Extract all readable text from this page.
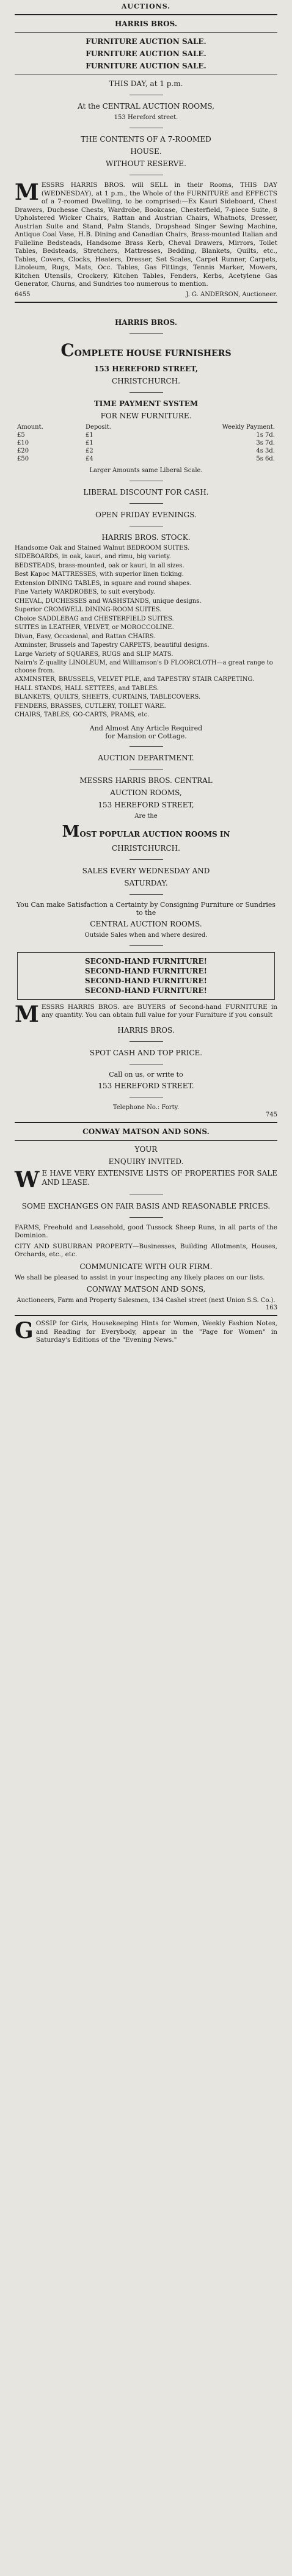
AUCTIONS.
HARRIS BROS.
FURNITURE AUCTION SALE.
FURNITURE AUCTION SALE.
FURNITURE AUCTION SALE.
THIS DAY, at 1 p.m.
At the CENTRAL AUCTION ROOMS,
153 Hereford street.
THE CONTENTS OF A 7-ROOMED
HOUSE.
WITHOUT RESERVE.
M ESSRS HARRIS BROS. will SELL in their Rooms, THIS DAY (WEDNESDAY), at 1 p.m., the Whole of the FURNITURE and EFFECTS of a 7-roomed Dwelling, to be comprised:—Ex Kauri Sideboard, Chest Drawers, Duchesse Chests, Wardrobe, Bookcase, Chesterfield, 7-piece Suite, 8 Upholstered Wicker Chairs, Rattan and Austrian Chairs, Whatnots, Dresser, Austrian Suite and Stand, Palm Stands, Dropshead Singer Sewing Machine, Antique Coal Vase, H.B. Dining and Canadian Chairs, Brass-mounted Italian and Fulleline Bedsteads, Handsome Brass Kerb, Cheval Drawers, Mirrors, Toilet Tables, Bedsteads, Stretchers, Mattresses, Bedding, Blankets, Quilts, etc., Tables, Covers, Clocks, Heaters, Dresser, Set Scales, Carpet Runner, Carpets, Linoleum, Rugs, Mats, Occ. Tables, Gas Fittings, Tennis Marker, Mowers, Kitchen Utensils, Crockery, Kitchen Tables, Fenders, Kerbs, Acetylene Gas Generator, Churns, and Sundries too numerous to mention.
6455	J. G. ANDERSON, Auctioneer.
HARRIS BROS.
COMPLETE HOUSE FURNISHERS
153 HEREFORD STREET,
CHRISTCHURCH.
TIME PAYMENT SYSTEM
FOR NEW FURNITURE.
Amount.	Deposit.	Weekly Payment.
£5	£1	1s 7d.
£10	£1	3s 7d.
£20	£2	4s 3d.
£50	£4	5s 6d.
Larger Amounts same Liberal Scale.
LIBERAL DISCOUNT FOR CASH.
OPEN FRIDAY EVENINGS.
HARRIS BROS. STOCK.

Handsome Oak and Stained Walnut BEDROOM SUITES.

SIDEBOARDS, in oak, kauri, and rimu, big variety.

BEDSTEADS, brass-mounted, oak or kauri, in all sizes.

Best Kapoc MATTRESSES, with superior linen ticking.

Extension DINING TABLES, in square and round shapes.

Fine Variety WARDROBES, to suit everybody.

CHEVAL, DUCHESSES and WASHSTANDS, unique designs.

Superior CROMWELL DINING-ROOM SUITES.

Choice SADDLEBAG and CHESTERFIELD SUITES.

SUITES in LEATHER, VELVET, or MOROCCOLINE.

Divan, Easy, Occasional, and Rattan CHAIRS.

Axminster, Brussels and Tapestry CARPETS, beautiful designs.

Large Variety of SQUARES, RUGS and SLIP MATS.

Nairn's Z-quality LINOLEUM, and Williamson's D FLOORCLOTH—a great range to choose from.

AXMINSTER, BRUSSELS, VELVET PILE, and TAPESTRY STAIR CARPETING.

HALL STANDS, HALL SETTEES, and TABLES.

BLANKETS, QUILTS, SHEETS, CURTAINS, TABLECOVERS.

FENDERS, BRASSES, CUTLERY, TOILET WARE.

CHAIRS, TABLES, GO-CARTS, PRAMS, etc.

And Almost Any Article Required
for Mansion or Cottage.
AUCTION DEPARTMENT.
MESSRS HARRIS BROS. CENTRAL
AUCTION ROOMS,
153 HEREFORD STREET,
Are the
MOST POPULAR AUCTION ROOMS IN
CHRISTCHURCH.
SALES EVERY WEDNESDAY AND
SATURDAY.
You Can make Satisfaction a Certainty by Consigning Furniture or Sundries to the
CENTRAL AUCTION ROOMS.
Outside Sales when and where desired.

SECOND-HAND FURNITURE!

SECOND-HAND FURNITURE!

SECOND-HAND FURNITURE!

SECOND-HAND FURNITURE!

M ESSRS HARRIS BROS. are BUYERS of Second-hand FURNITURE in any quantity. You can obtain full value for your Furniture if you consult
HARRIS BROS.
SPOT CASH AND TOP PRICE.
Call on us, or write to
153 HEREFORD STREET.
Telephone No.: Forty.
745
CONWAY MATSON AND SONS.
YOUR
ENQUIRY INVITED.
W E HAVE VERY EXTENSIVE LISTS OF PROPERTIES FOR SALE AND LEASE.
SOME EXCHANGES ON FAIR BASIS AND REASONABLE PRICES.
FARMS, Freehold and Leasehold, good Tussock Sheep Runs, in all parts of the Dominion.
CITY AND SUBURBAN PROPERTY—Businesses, Building Allotments, Houses, Orchards, etc., etc.
COMMUNICATE WITH OUR FIRM.
We shall be pleased to assist in your inspecting any likely places on our lists.
CONWAY MATSON AND SONS,
Auctioneers, Farm and Property Salesmen, 134 Cashel street (next Union S.S. Co.).
163
G OSSIP for Girls, Housekeeping Hints for Women, Weekly Fashion Notes, and Reading for Everybody, appear in the "Page for Women" in Saturday's Editions of the "Evening News."
